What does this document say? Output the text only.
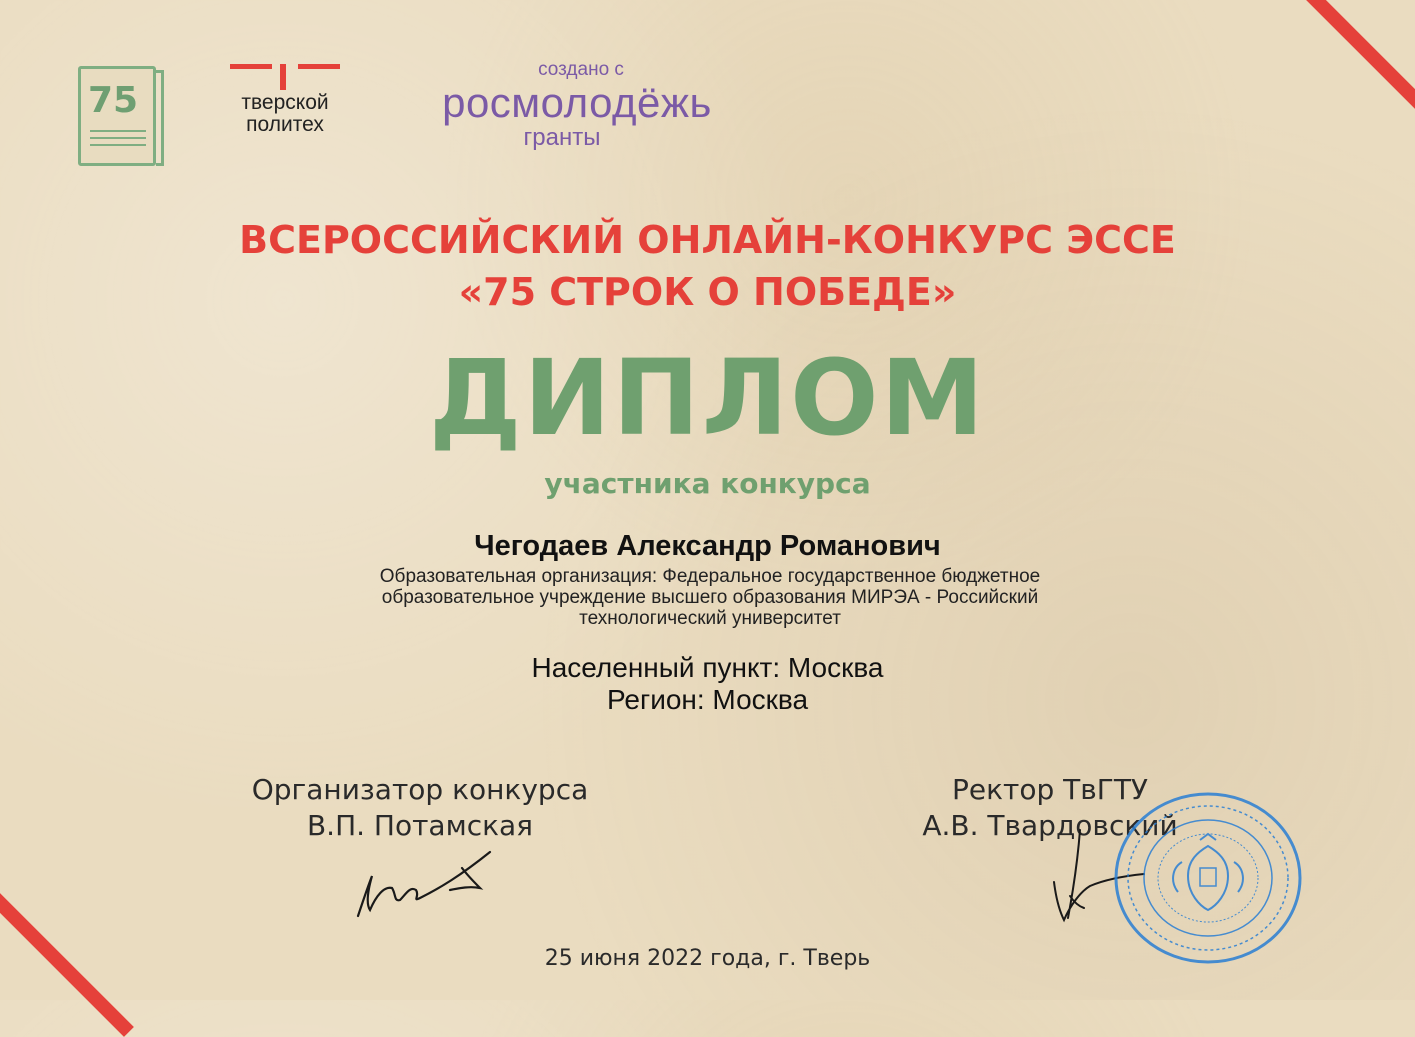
75	тверской
политех
создано с
росмолодёжь
гранты
ВСЕРОССИЙСКИЙ ОНЛАЙН-КОНКУРС ЭССЕ
«75 СТРОК О ПОБЕДЕ»
ДИПЛОМ
участника конкурса
Чегодаев Александр Романович
Образовательная организация: Федеральное государственное бюджетное образовательное учреждение высшего образования МИРЭА - Российский технологический университет
Населенный пункт: Москва
Регион: Москва
Организатор конкурса
В.П. Потамская
Ректор ТвГТУ
А.В. Твардовский
25 июня 2022 года, г. Тверь
